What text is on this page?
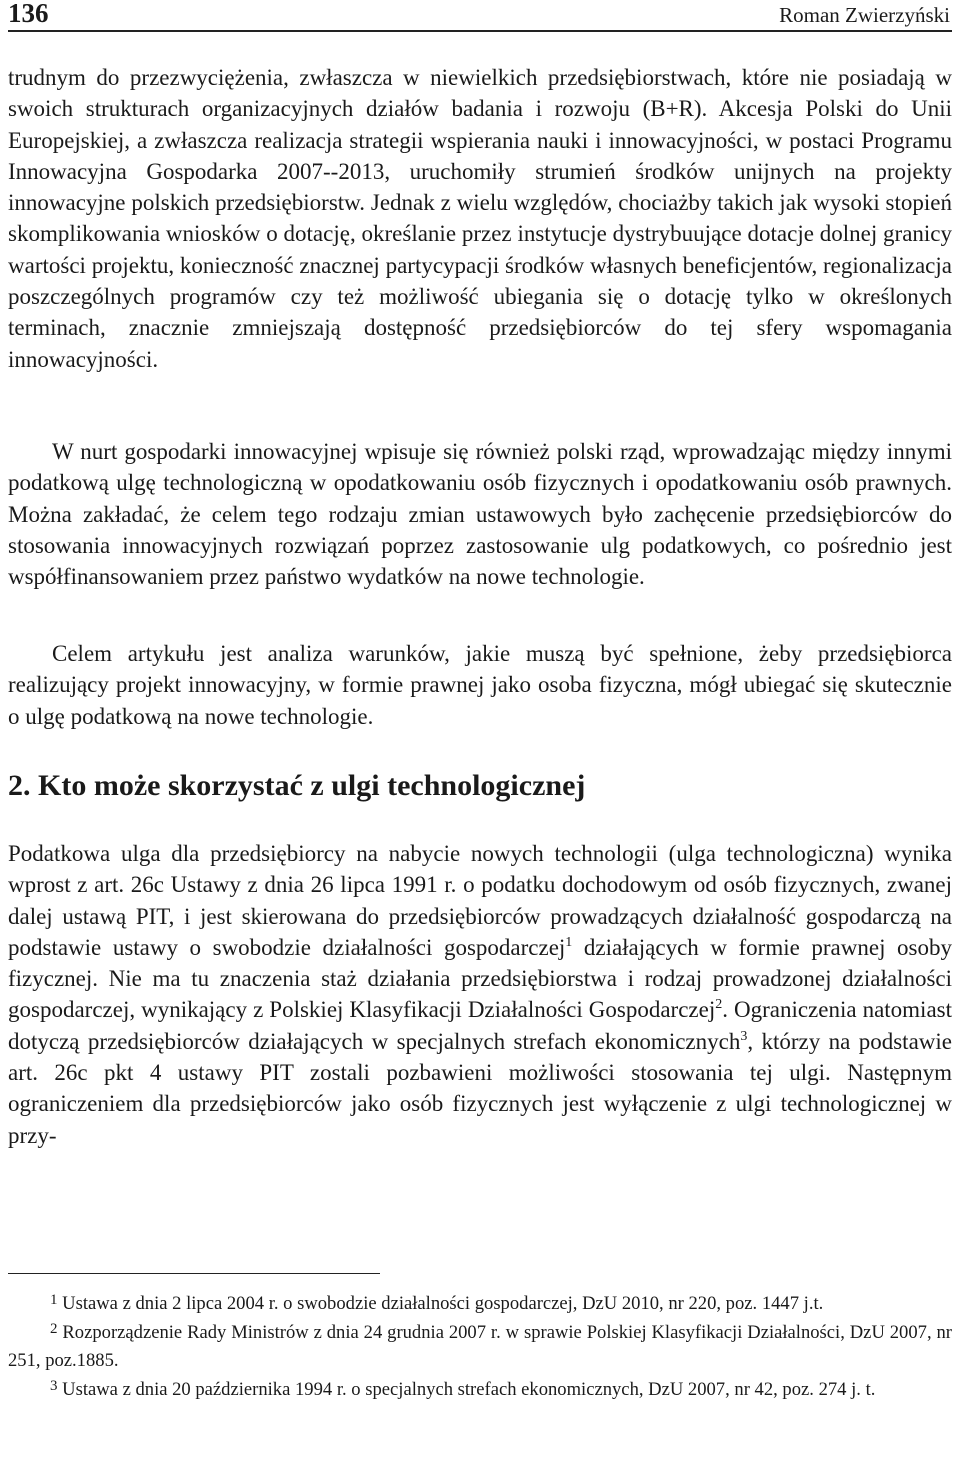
136	Roman Zwierzyński

trudnym do przezwyciężenia, zwłaszcza w niewielkich przedsiębiorstwach, które nie posiadają w swoich strukturach organizacyjnych działów badania i rozwoju (B+R). Akcesja Polski do Unii Europejskiej, a zwłaszcza realizacja strategii wspierania nauki i innowacyjności, w postaci Programu Innowacyjna Gospodarka 2007--2013, uruchomiły strumień środków unijnych na projekty innowacyjne polskich przedsiębiorstw. Jednak z wielu względów, chociażby takich jak wysoki stopień skomplikowania wniosków o dotację, określanie przez instytucje dystrybuujące dotacje dolnej granicy wartości projektu, konieczność znacznej partycypacji środków własnych beneficjentów, regionalizacja poszczególnych programów czy też możliwość ubiegania się o dotację tylko w określonych terminach, znacznie zmniejszają dostępność przedsiębiorców do tej sfery wspomagania innowacyjności.

W nurt gospodarki innowacyjnej wpisuje się również polski rząd, wprowadzając między innymi podatkową ulgę technologiczną w opodatkowaniu osób fizycznych i opodatkowaniu osób prawnych. Można zakładać, że celem tego rodzaju zmian ustawowych było zachęcenie przedsiębiorców do stosowania innowacyjnych rozwiązań poprzez zastosowanie ulg podatkowych, co pośrednio jest współfinansowaniem przez państwo wydatków na nowe technologie.

Celem artykułu jest analiza warunków, jakie muszą być spełnione, żeby przedsiębiorca realizujący projekt innowacyjny, w formie prawnej jako osoba fizyczna, mógł ubiegać się skutecznie o ulgę podatkową na nowe technologie.

2. Kto może skorzystać z ulgi technologicznej

Podatkowa ulga dla przedsiębiorcy na nabycie nowych technologii (ulga technologiczna) wynika wprost z art. 26c Ustawy z dnia 26 lipca 1991 r. o podatku dochodowym od osób fizycznych, zwanej dalej ustawą PIT, i jest skierowana do przedsiębiorców prowadzących działalność gospodarczą na podstawie ustawy o swobodzie działalności gospodarczej$^1$ działających w formie prawnej osoby fizycznej. Nie ma tu znaczenia staż działania przedsiębiorstwa i rodzaj prowadzonej działalności gospodarczej, wynikający z Polskiej Klasyfikacji Działalności Gospodarczej$^2$. Ograniczenia natomiast dotyczą przedsiębiorców działających w specjalnych strefach ekonomicznych$^3$, którzy na podstawie art. 26c pkt 4 ustawy PIT zostali pozbawieni możliwości stosowania tej ulgi. Następnym ograniczeniem dla przedsiębiorców jako osób fizycznych jest wyłączenie z ulgi technologicznej w przy-

$^1$ Ustawa z dnia 2 lipca 2004 r. o swobodzie działalności gospodarczej, DzU 2010, nr 220, poz. 1447 j.t.

$^2$ Rozporządzenie Rady Ministrów z dnia 24 grudnia 2007 r. w sprawie Polskiej Klasyfikacji Działalności, DzU 2007, nr 251, poz.1885.

$^3$ Ustawa z dnia 20 października 1994 r. o specjalnych strefach ekonomicznych, DzU 2007, nr 42, poz. 274 j. t.
